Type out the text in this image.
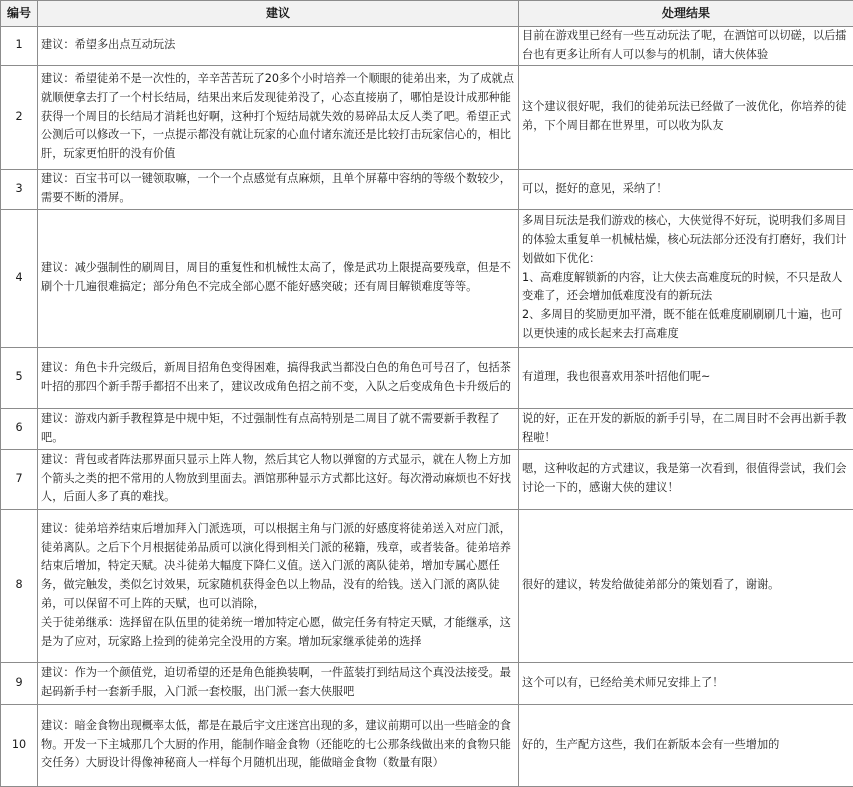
编号	建议	处理结果
1	建议：希望多出点互动玩法	目前在游戏里已经有一些互动玩法了呢，在酒馆可以切磋，以后擂台也有更多让所有人可以参与的机制，请大侠体验
2	建议：希望徒弟不是一次性的，辛辛苦苦玩了20多个小时培养一个顺眼的徒弟出来，为了成就点就顺便拿去打了一个村长结局，结果出来后发现徒弟没了，心态直接崩了，哪怕是设计成那种能获得一个周目的长结局才消耗也好啊，这种打个短结局就失效的易碎品太反人类了吧。希望正式公测后可以修改一下，一点提示都没有就让玩家的心血付诸东流还是比较打击玩家信心的，相比肝，玩家更怕肝的没有价值	这个建议很好呢，我们的徒弟玩法已经做了一波优化，你培养的徒弟，下个周目都在世界里，可以收为队友
3	建议：百宝书可以一键领取嘛，一个一个点感觉有点麻烦，且单个屏幕中容纳的等级个数较少，需要不断的滑屏。	可以，挺好的意见，采纳了！
4	建议：减少强制性的刷周目，周目的重复性和机械性太高了，像是武功上限提高要残章，但是不刷个十几遍很难搞定；部分角色不完成全部心愿不能好感突破；还有周目解锁难度等等。	多周目玩法是我们游戏的核心，大侠觉得不好玩，说明我们多周目的体验太重复单一机械枯燥，核心玩法部分还没有打磨好，我们计划做如下优化：
1、高难度解锁新的内容，让大侠去高难度玩的时候，不只是敌人变难了，还会增加低难度没有的新玩法
2、多周目的奖励更加平滑，既不能在低难度刷刷刷几十遍，也可以更快速的成长起来去打高难度
5	建议：角色卡升完级后，新周目招角色变得困难，搞得我武当都没白色的角色可号召了，包括茶叶招的那四个新手帮手都招不出来了，建议改成角色招之前不变，入队之后变成角色卡升级后的	有道理，我也很喜欢用茶叶招他们呢~
6	建议：游戏内新手教程算是中规中矩，不过强制性有点高特别是二周目了就不需要新手教程了吧。	说的好，正在开发的新版的新手引导，在二周目时不会再出新手教程啦！
7	建议：背包或者阵法那界面只显示上阵人物，然后其它人物以弹窗的方式显示，就在人物上方加个箭头之类的把不常用的人物放到里面去。酒馆那种显示方式都比这好。每次滑动麻烦也不好找人，后面人多了真的难找。	嗯，这种收起的方式建议，我是第一次看到，很值得尝试，我们会讨论一下的，感谢大侠的建议！
8	建议：徒弟培养结束后增加拜入门派选项，可以根据主角与门派的好感度将徒弟送入对应门派，徒弟离队。之后下个月根据徒弟品质可以演化得到相关门派的秘籍，残章，或者装备。徒弟培养结束后增加，特定天赋。决斗徒弟大幅度下降仁义值。送入门派的离队徒弟，增加专属心愿任务，做完触发，类似乞讨效果，玩家随机获得金色以上物品，没有的给钱。送入门派的离队徒弟，可以保留不可上阵的天赋，也可以消除，
关于徒弟继承：选择留在队伍里的徒弟统一增加特定心愿，做完任务有特定天赋，才能继承，这是为了应对，玩家路上捡到的徒弟完全没用的方案。增加玩家继承徒弟的选择	很好的建议，转发给做徒弟部分的策划看了，谢谢。
9	建议：作为一个颜值党，迫切希望的还是角色能换装啊，一件蓝装打到结局这个真没法接受。最起码新手村一套新手服，入门派一套校服，出门派一套大侠服吧	这个可以有，已经给美术师兄安排上了！
10	建议：暗金食物出现概率太低，都是在最后宇文庄迷宫出现的多，建议前期可以出一些暗金的食物。开发一下主城那几个大厨的作用，能制作暗金食物（还能吃的七公那条线做出来的食物只能交任务）大厨设计得像神秘商人一样每个月随机出现，能做暗金食物（数量有限）	好的，生产配方这些，我们在新版本会有一些增加的
